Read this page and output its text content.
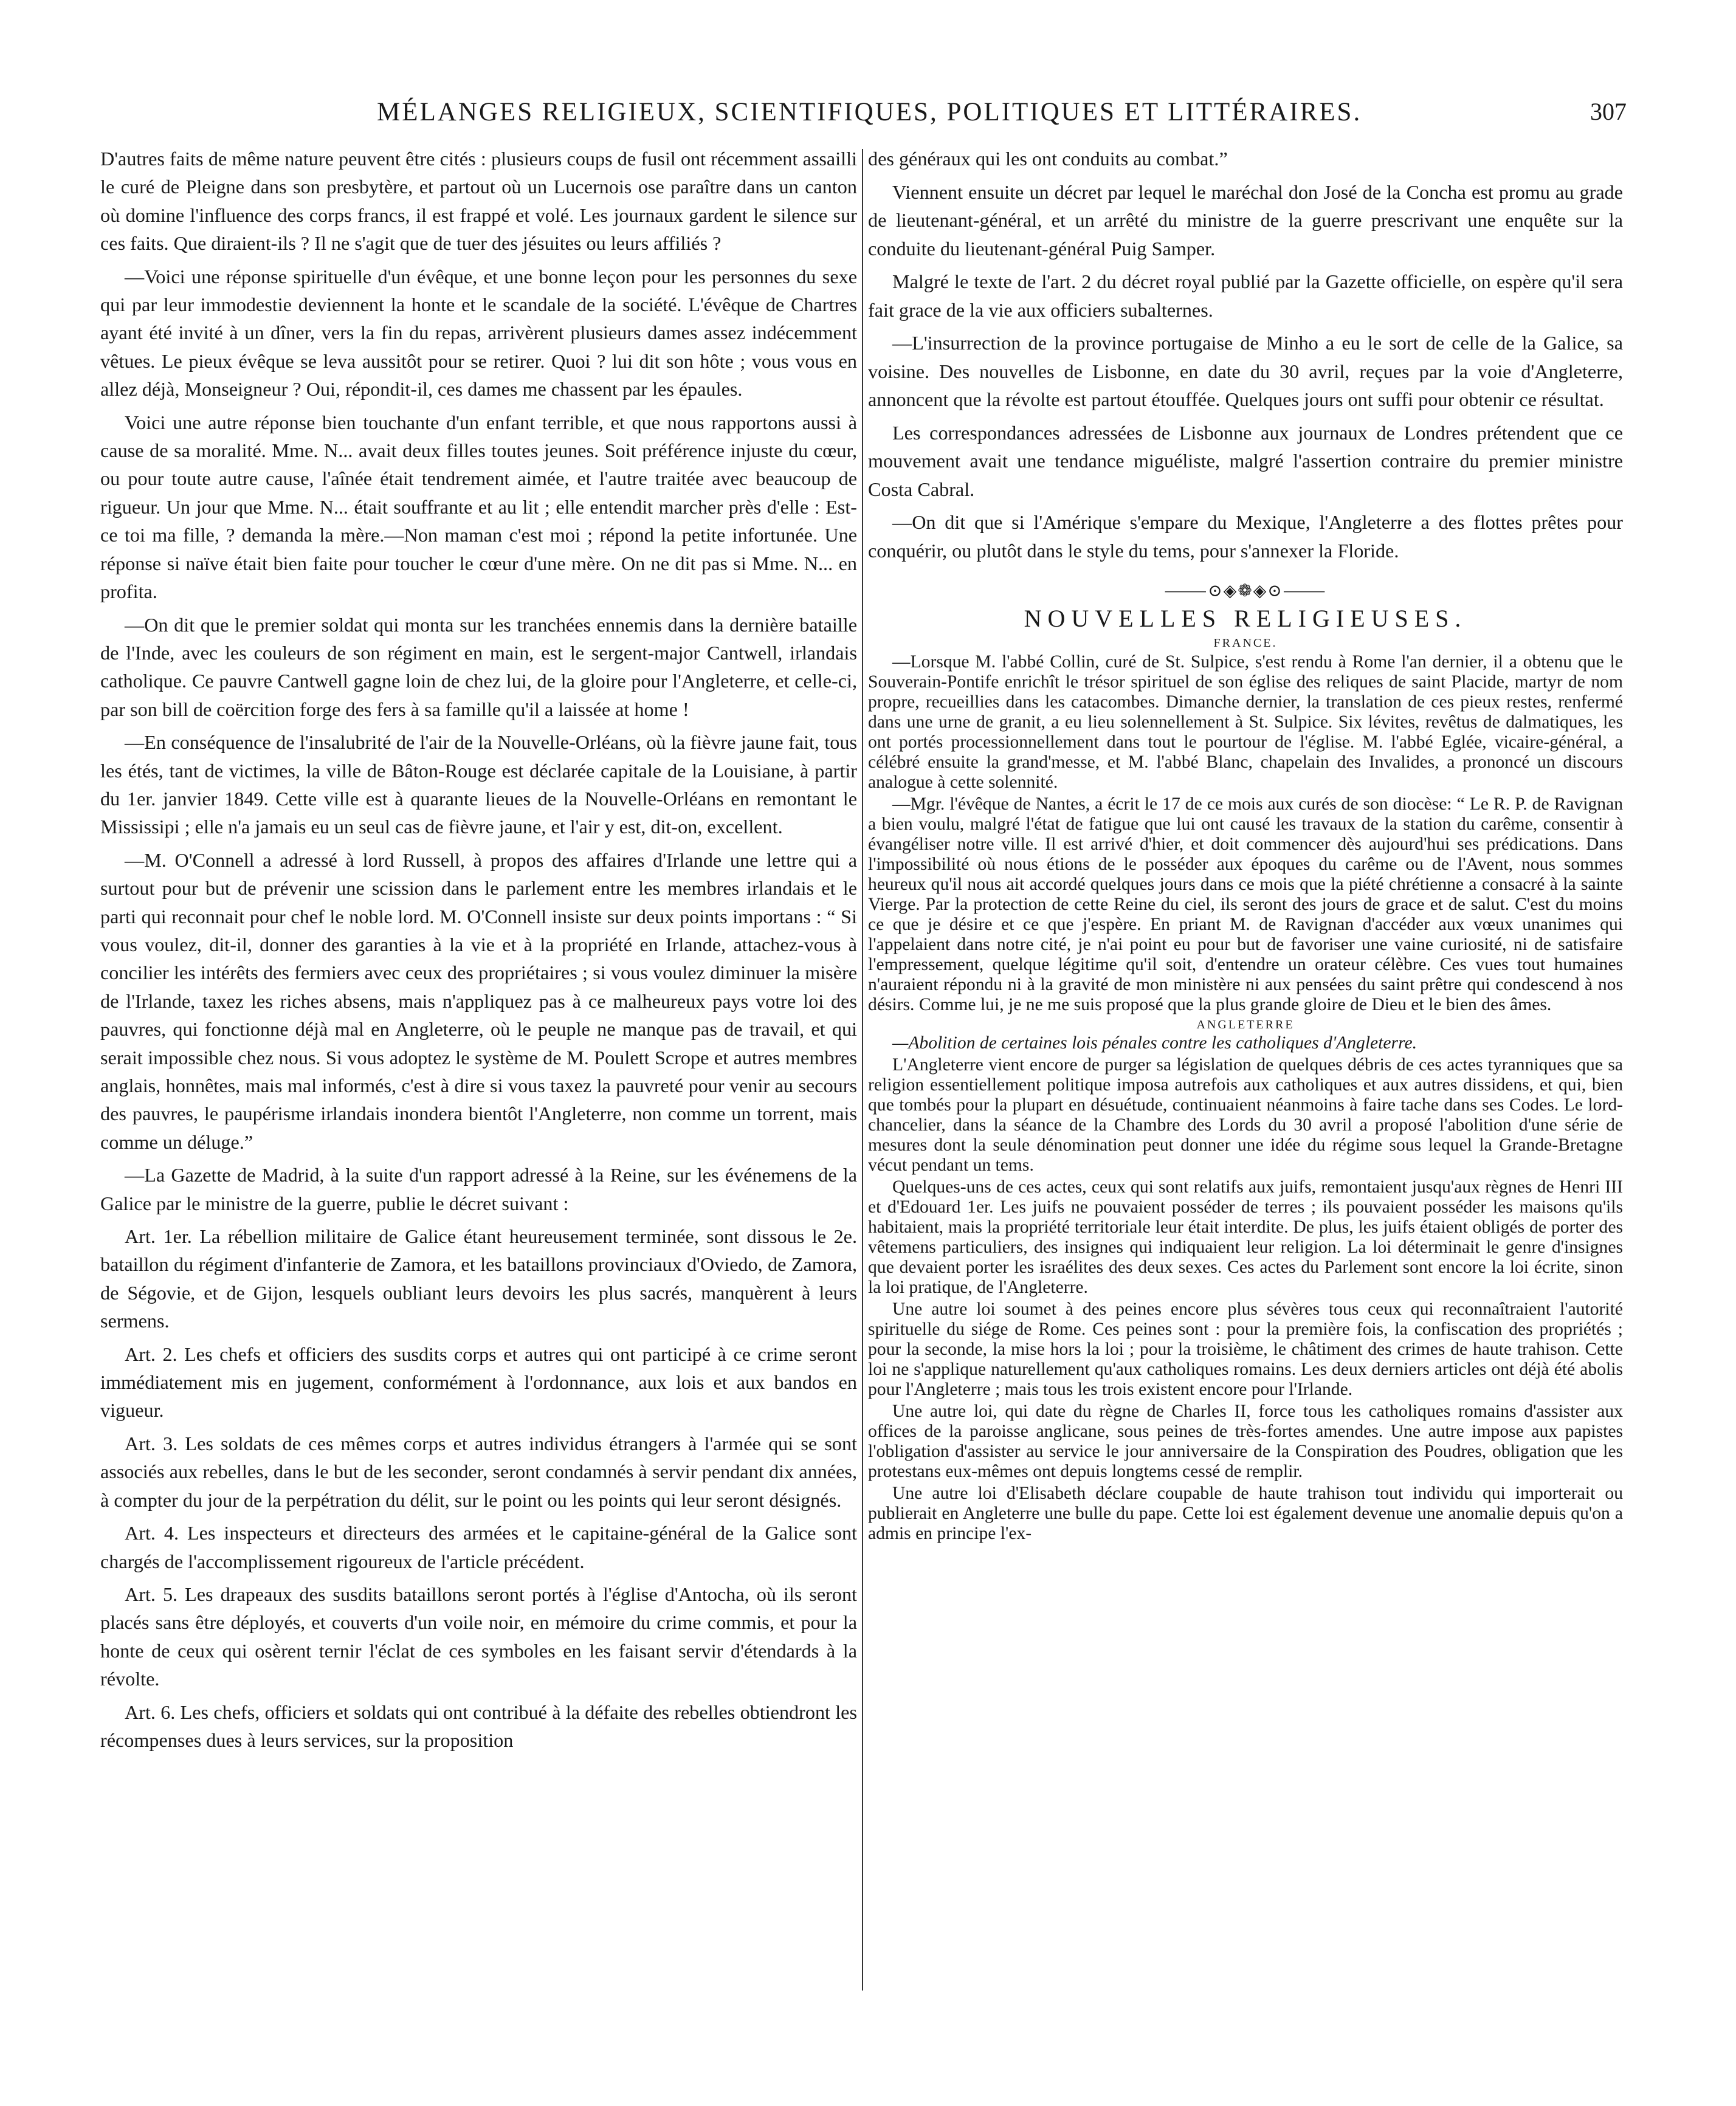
MÉLANGES RELIGIEUX, SCIENTIFIQUES, POLITIQUES ET LITTÉRAIRES.	307

D'autres faits de même nature peuvent être cités : plusieurs coups de fusil ont récemment assailli le curé de Pleigne dans son presbytère, et partout où un Lucernois ose paraître dans un canton où domine l'influence des corps francs, il est frappé et volé. Les journaux gardent le silence sur ces faits. Que diraient-ils ? Il ne s'agit que de tuer des jésuites ou leurs affiliés ?

—Voici une réponse spirituelle d'un évêque, et une bonne leçon pour les personnes du sexe qui par leur immodestie deviennent la honte et le scandale de la société. L'évêque de Chartres ayant été invité à un dîner, vers la fin du repas, arrivèrent plusieurs dames assez indécemment vêtues. Le pieux évêque se leva aussitôt pour se retirer. Quoi ? lui dit son hôte ; vous vous en allez déjà, Monseigneur ? Oui, répondit-il, ces dames me chassent par les épaules.

Voici une autre réponse bien touchante d'un enfant terrible, et que nous rapportons aussi à cause de sa moralité. Mme. N... avait deux filles toutes jeunes. Soit préférence injuste du cœur, ou pour toute autre cause, l'aînée était tendrement aimée, et l'autre traitée avec beaucoup de rigueur. Un jour que Mme. N... était souffrante et au lit ; elle entendit marcher près d'elle : Est-ce toi ma fille, ? demanda la mère.—Non maman c'est moi ; répond la petite infortunée. Une réponse si naïve était bien faite pour toucher le cœur d'une mère. On ne dit pas si Mme. N... en profita.

—On dit que le premier soldat qui monta sur les tranchées ennemis dans la dernière bataille de l'Inde, avec les couleurs de son régiment en main, est le sergent-major Cantwell, irlandais catholique. Ce pauvre Cantwell gagne loin de chez lui, de la gloire pour l'Angleterre, et celle-ci, par son bill de coërcition forge des fers à sa famille qu'il a laissée at home !

—En conséquence de l'insalubrité de l'air de la Nouvelle-Orléans, où la fièvre jaune fait, tous les étés, tant de victimes, la ville de Bâton-Rouge est déclarée capitale de la Louisiane, à partir du 1er. janvier 1849. Cette ville est à quarante lieues de la Nouvelle-Orléans en remontant le Mississipi ; elle n'a jamais eu un seul cas de fièvre jaune, et l'air y est, dit-on, excellent.

—M. O'Connell a adressé à lord Russell, à propos des affaires d'Irlande une lettre qui a surtout pour but de prévenir une scission dans le parlement entre les membres irlandais et le parti qui reconnait pour chef le noble lord. M. O'Connell insiste sur deux points importans : “ Si vous voulez, dit-il, donner des garanties à la vie et à la propriété en Irlande, attachez-vous à concilier les intérêts des fermiers avec ceux des propriétaires ; si vous voulez diminuer la misère de l'Irlande, taxez les riches absens, mais n'appliquez pas à ce malheureux pays votre loi des pauvres, qui fonctionne déjà mal en Angleterre, où le peuple ne manque pas de travail, et qui serait impossible chez nous. Si vous adoptez le système de M. Poulett Scrope et autres membres anglais, honnêtes, mais mal informés, c'est à dire si vous taxez la pauvreté pour venir au secours des pauvres, le paupérisme irlandais inondera bientôt l'Angleterre, non comme un torrent, mais comme un déluge.”

—La Gazette de Madrid, à la suite d'un rapport adressé à la Reine, sur les événemens de la Galice par le ministre de la guerre, publie le décret suivant :

Art. 1er. La rébellion militaire de Galice étant heureusement terminée, sont dissous le 2e. bataillon du régiment d'infanterie de Zamora, et les bataillons provinciaux d'Oviedo, de Zamora, de Ségovie, et de Gijon, lesquels oubliant leurs devoirs les plus sacrés, manquèrent à leurs sermens.

Art. 2. Les chefs et officiers des susdits corps et autres qui ont participé à ce crime seront immédiatement mis en jugement, conformément à l'ordonnance, aux lois et aux bandos en vigueur.

Art. 3. Les soldats de ces mêmes corps et autres individus étrangers à l'armée qui se sont associés aux rebelles, dans le but de les seconder, seront condamnés à servir pendant dix années, à compter du jour de la perpétration du délit, sur le point ou les points qui leur seront désignés.

Art. 4. Les inspecteurs et directeurs des armées et le capitaine-général de la Galice sont chargés de l'accomplissement rigoureux de l'article précédent.

Art. 5. Les drapeaux des susdits bataillons seront portés à l'église d'Antocha, où ils seront placés sans être déployés, et couverts d'un voile noir, en mémoire du crime commis, et pour la honte de ceux qui osèrent ternir l'éclat de ces symboles en les faisant servir d'étendards à la révolte.

Art. 6. Les chefs, officiers et soldats qui ont contribué à la défaite des rebelles obtiendront les récompenses dues à leurs services, sur la proposition

des généraux qui les ont conduits au combat.”

Viennent ensuite un décret par lequel le maréchal don José de la Concha est promu au grade de lieutenant-général, et un arrêté du ministre de la guerre prescrivant une enquête sur la conduite du lieutenant-général Puig Samper.

Malgré le texte de l'art. 2 du décret royal publié par la Gazette officielle, on espère qu'il sera fait grace de la vie aux officiers subalternes.

—L'insurrection de la province portugaise de Minho a eu le sort de celle de la Galice, sa voisine. Des nouvelles de Lisbonne, en date du 30 avril, reçues par la voie d'Angleterre, annoncent que la révolte est partout étouffée. Quelques jours ont suffi pour obtenir ce résultat.

Les correspondances adressées de Lisbonne aux journaux de Londres prétendent que ce mouvement avait une tendance miguéliste, malgré l'assertion contraire du premier ministre Costa Cabral.

—On dit que si l'Amérique s'empare du Mexique, l'Angleterre a des flottes prêtes pour conquérir, ou plutôt dans le style du tems, pour s'annexer la Floride.

⸻⊙◈❁◈⊙⸻
NOUVELLES RELIGIEUSES.
FRANCE.

—Lorsque M. l'abbé Collin, curé de St. Sulpice, s'est rendu à Rome l'an dernier, il a obtenu que le Souverain-Pontife enrichît le trésor spirituel de son église des reliques de saint Placide, martyr de nom propre, recueillies dans les catacombes. Dimanche dernier, la translation de ces pieux restes, renfermé dans une urne de granit, a eu lieu solennellement à St. Sulpice. Six lévites, revêtus de dalmatiques, les ont portés processionnellement dans tout le pourtour de l'église. M. l'abbé Eglée, vicaire-général, a célébré ensuite la grand'messe, et M. l'abbé Blanc, chapelain des Invalides, a prononcé un discours analogue à cette solennité.

—Mgr. l'évêque de Nantes, a écrit le 17 de ce mois aux curés de son diocèse: “ Le R. P. de Ravignan a bien voulu, malgré l'état de fatigue que lui ont causé les travaux de la station du carême, consentir à évangéliser notre ville. Il est arrivé d'hier, et doit commencer dès aujourd'hui ses prédications. Dans l'impossibilité où nous étions de le posséder aux époques du carême ou de l'Avent, nous sommes heureux qu'il nous ait accordé quelques jours dans ce mois que la piété chrétienne a consacré à la sainte Vierge. Par la protection de cette Reine du ciel, ils seront des jours de grace et de salut. C'est du moins ce que je désire et ce que j'espère. En priant M. de Ravignan d'accéder aux vœux unanimes qui l'appelaient dans notre cité, je n'ai point eu pour but de favoriser une vaine curiosité, ni de satisfaire l'empressement, quelque légitime qu'il soit, d'entendre un orateur célèbre. Ces vues tout humaines n'auraient répondu ni à la gravité de mon ministère ni aux pensées du saint prêtre qui condescend à nos désirs. Comme lui, je ne me suis proposé que la plus grande gloire de Dieu et le bien des âmes.

ANGLETERRE

—Abolition de certaines lois pénales contre les catholiques d'Angleterre.

L'Angleterre vient encore de purger sa législation de quelques débris de ces actes tyranniques que sa religion essentiellement politique imposa autrefois aux catholiques et aux autres dissidens, et qui, bien que tombés pour la plupart en désuétude, continuaient néanmoins à faire tache dans ses Codes. Le lord-chancelier, dans la séance de la Chambre des Lords du 30 avril a proposé l'abolition d'une série de mesures dont la seule dénomination peut donner une idée du régime sous lequel la Grande-Bretagne vécut pendant un tems.

Quelques-uns de ces actes, ceux qui sont relatifs aux juifs, remontaient jusqu'aux règnes de Henri III et d'Edouard 1er. Les juifs ne pouvaient posséder de terres ; ils pouvaient posséder les maisons qu'ils habitaient, mais la propriété territoriale leur était interdite. De plus, les juifs étaient obligés de porter des vêtemens particuliers, des insignes qui indiquaient leur religion. La loi déterminait le genre d'insignes que devaient porter les israélites des deux sexes. Ces actes du Parlement sont encore la loi écrite, sinon la loi pratique, de l'Angleterre.

Une autre loi soumet à des peines encore plus sévères tous ceux qui reconnaîtraient l'autorité spirituelle du siége de Rome. Ces peines sont : pour la première fois, la confiscation des propriétés ; pour la seconde, la mise hors la loi ; pour la troisième, le châtiment des crimes de haute trahison. Cette loi ne s'applique naturellement qu'aux catholiques romains. Les deux derniers articles ont déjà été abolis pour l'Angleterre ; mais tous les trois existent encore pour l'Irlande.

Une autre loi, qui date du règne de Charles II, force tous les catholiques romains d'assister aux offices de la paroisse anglicane, sous peines de très-fortes amendes. Une autre impose aux papistes l'obligation d'assister au service le jour anniversaire de la Conspiration des Poudres, obligation que les protestans eux-mêmes ont depuis longtems cessé de remplir.

Une autre loi d'Elisabeth déclare coupable de haute trahison tout individu qui importerait ou publierait en Angleterre une bulle du pape. Cette loi est également devenue une anomalie depuis qu'on a admis en principe l'ex-
